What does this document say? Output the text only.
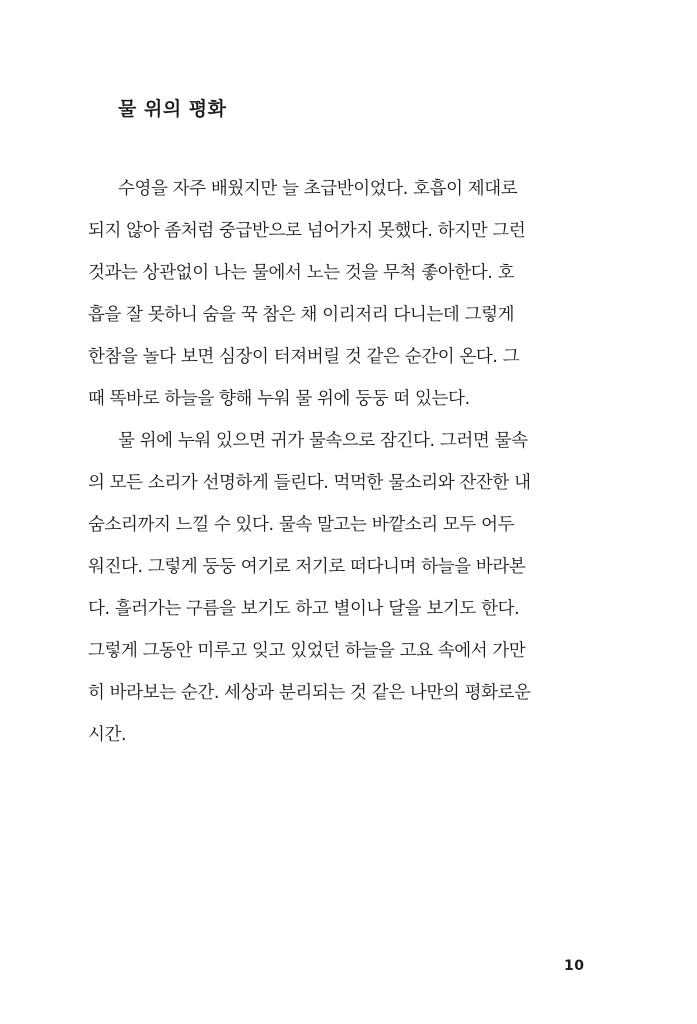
물 위의 평화
수영을 자주 배웠지만 늘 초급반이었다. 호흡이 제대로
되지 않아 좀처럼 중급반으로 넘어가지 못했다. 하지만 그런
것과는 상관없이 나는 물에서 노는 것을 무척 좋아한다. 호
흡을 잘 못하니 숨을 꾹 참은 채 이리저리 다니는데 그렇게
한참을 놀다 보면 심장이 터져버릴 것 같은 순간이 온다. 그
때 똑바로 하늘을 향해 누워 물 위에 둥둥 떠 있는다.
물 위에 누워 있으면 귀가 물속으로 잠긴다. 그러면 물속
의 모든 소리가 선명하게 들린다. 먹먹한 물소리와 잔잔한 내
숨소리까지 느낄 수 있다. 물속 말고는 바깥소리 모두 어두
워진다. 그렇게 둥둥 여기로 저기로 떠다니며 하늘을 바라본
다. 흘러가는 구름을 보기도 하고 별이나 달을 보기도 한다.
그렇게 그동안 미루고 잊고 있었던 하늘을 고요 속에서 가만
히 바라보는 순간. 세상과 분리되는 것 같은 나만의 평화로운
시간.
10
